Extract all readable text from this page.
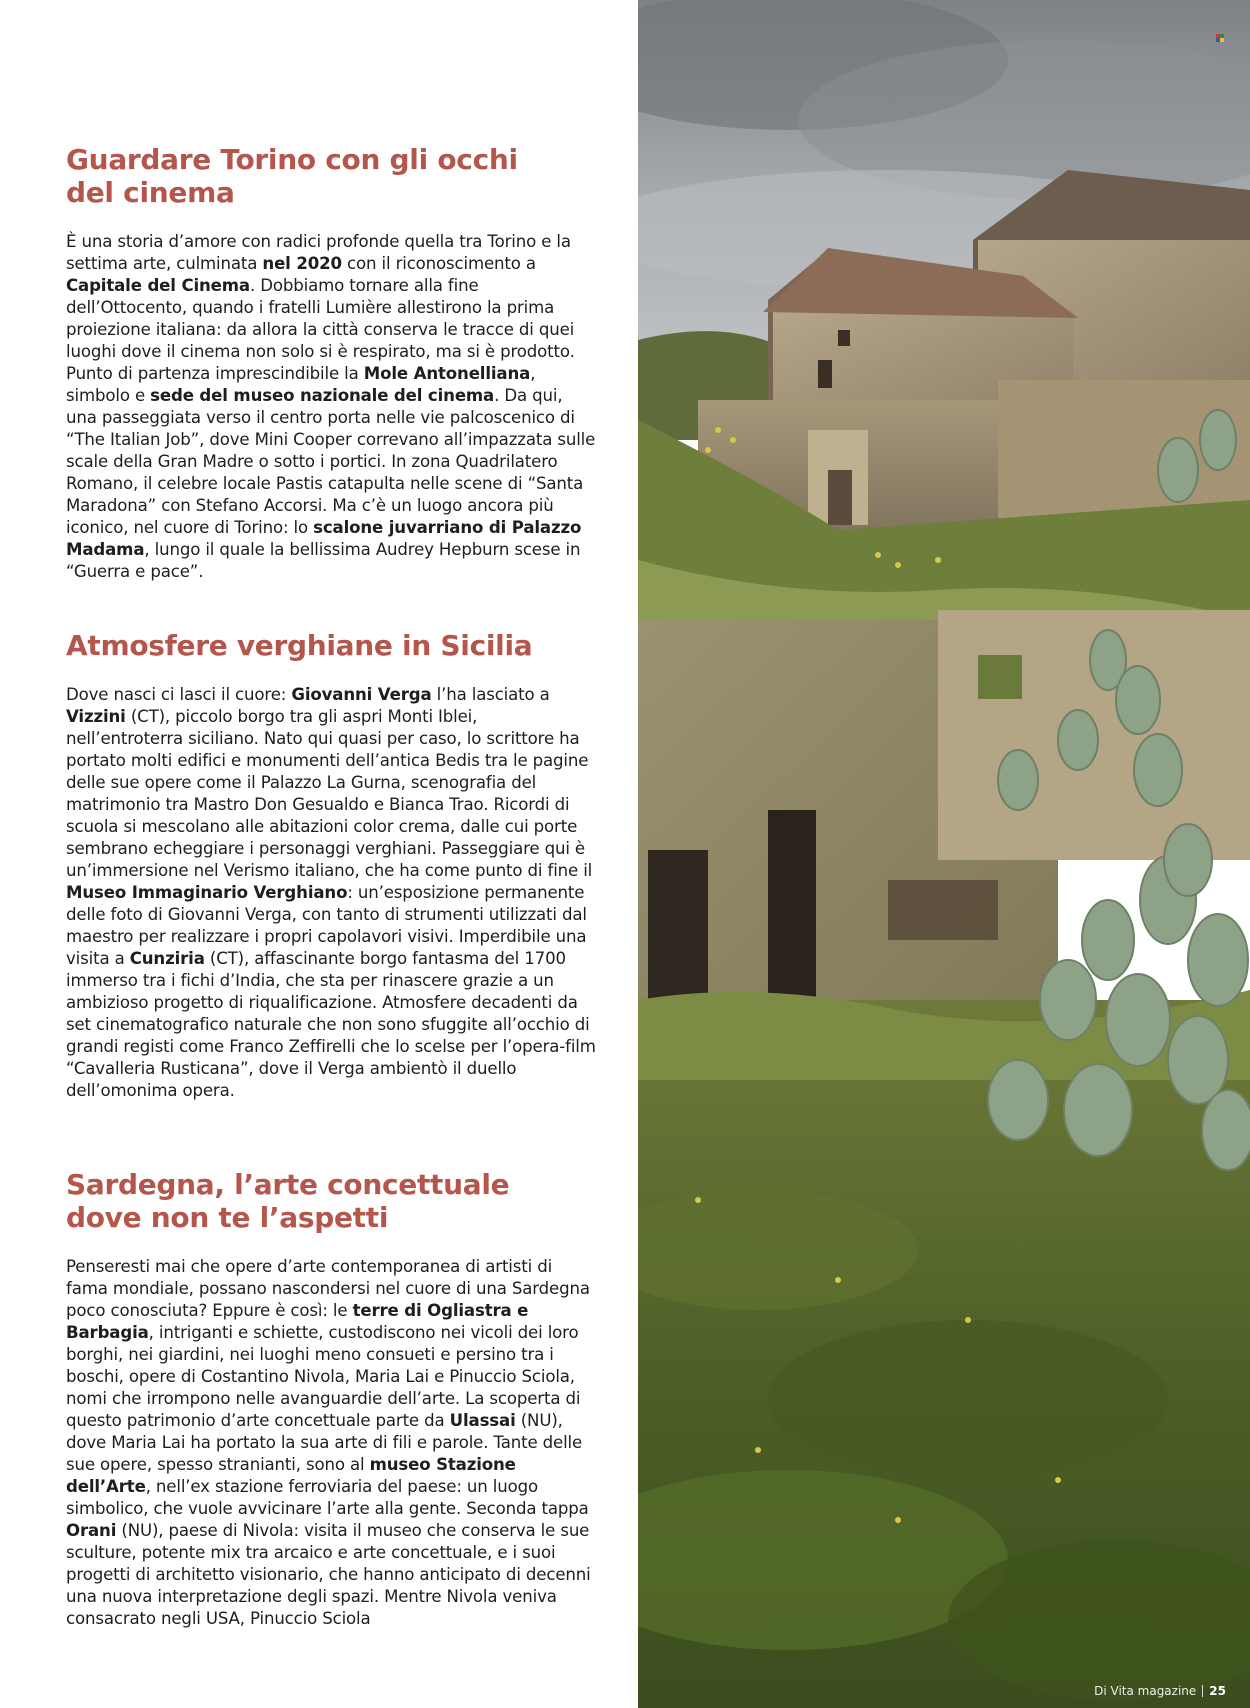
Guardare Torino con gli occhi
del cinema

È una storia d’amore con radici profonde quella tra Torino e la settima arte, culminata nel 2020 con il riconoscimento a Capitale del Cinema. Dobbiamo tornare alla fine dell’Ottocento, quando i fratelli Lumière allestirono la prima proiezione italiana: da allora la città conserva le tracce di quei luoghi dove il cinema non solo si è respirato, ma si è prodotto. Punto di partenza imprescindibile la Mole Antonelliana, simbolo e sede del museo nazionale del cinema. Da qui, una passeggiata verso il centro porta nelle vie palcoscenico di “The Italian Job”, dove Mini Cooper correvano all’impazzata sulle scale della Gran Madre o sotto i portici. In zona Quadrilatero Romano, il celebre locale Pastis catapulta nelle scene di “Santa Maradona” con Stefano Accorsi. Ma c’è un luogo ancora più iconico, nel cuore di Torino: lo scalone juvarriano di Palazzo Madama, lungo il quale la bellissima Audrey Hepburn scese in “Guerra e pace”.

Atmosfere verghiane in Sicilia

Dove nasci ci lasci il cuore: Giovanni Verga l’ha lasciato a Vizzini (CT), piccolo borgo tra gli aspri Monti Iblei, nell’entroterra siciliano. Nato qui quasi per caso, lo scrittore ha portato molti edifici e monumenti dell’antica Bedis tra le pagine delle sue opere come il Palazzo La Gurna, scenografia del matrimonio tra Mastro Don Gesualdo e Bianca Trao. Ricordi di scuola si mescolano alle abitazioni color crema, dalle cui porte sembrano echeggiare i personaggi verghiani. Passeggiare qui è un’immersione nel Verismo italiano, che ha come punto di fine il Museo Immaginario Verghiano: un’esposizione permanente delle foto di Giovanni Verga, con tanto di strumenti utilizzati dal maestro per realizzare i propri capolavori visivi. Imperdibile una visita a Cunziria (CT), affascinante borgo fantasma del 1700 immerso tra i fichi d’India, che sta per rinascere grazie a un ambizioso progetto di riqualificazione. Atmosfere decadenti da set cinematografico naturale che non sono sfuggite all’occhio di grandi registi come Franco Zeffirelli che lo scelse per l’opera-film “Cavalleria Rusticana”, dove il Verga ambientò il duello dell’omonima opera.

Sardegna, l’arte concettuale
dove non te l’aspetti

Penseresti mai che opere d’arte contemporanea di artisti di fama mondiale, possano nascondersi nel cuore di una Sardegna poco conosciuta? Eppure è così: le terre di Ogliastra e Barbagia, intriganti e schiette, custodiscono nei vicoli dei loro borghi, nei giardini, nei luoghi meno consueti e persino tra i boschi, opere di Costantino Nivola, Maria Lai e Pinuccio Sciola, nomi che irrompono nelle avanguardie dell’arte. La scoperta di questo patrimonio d’arte concettuale parte da Ulassai (NU), dove Maria Lai ha portato la sua arte di fili e parole. Tante delle sue opere, spesso stranianti, sono al museo Stazione dell’Arte, nell’ex stazione ferroviaria del paese: un luogo simbolico, che vuole avvicinare l’arte alla gente. Seconda tappa Orani (NU), paese di Nivola: visita il museo che conserva le sue sculture, potente mix tra arcaico e arte concettuale, e i suoi progetti di architetto visionario, che hanno anticipato di decenni una nuova interpretazione degli spazi. Mentre Nivola veniva consacrato negli USA, Pinuccio Sciola

Di Vita magazine 25
